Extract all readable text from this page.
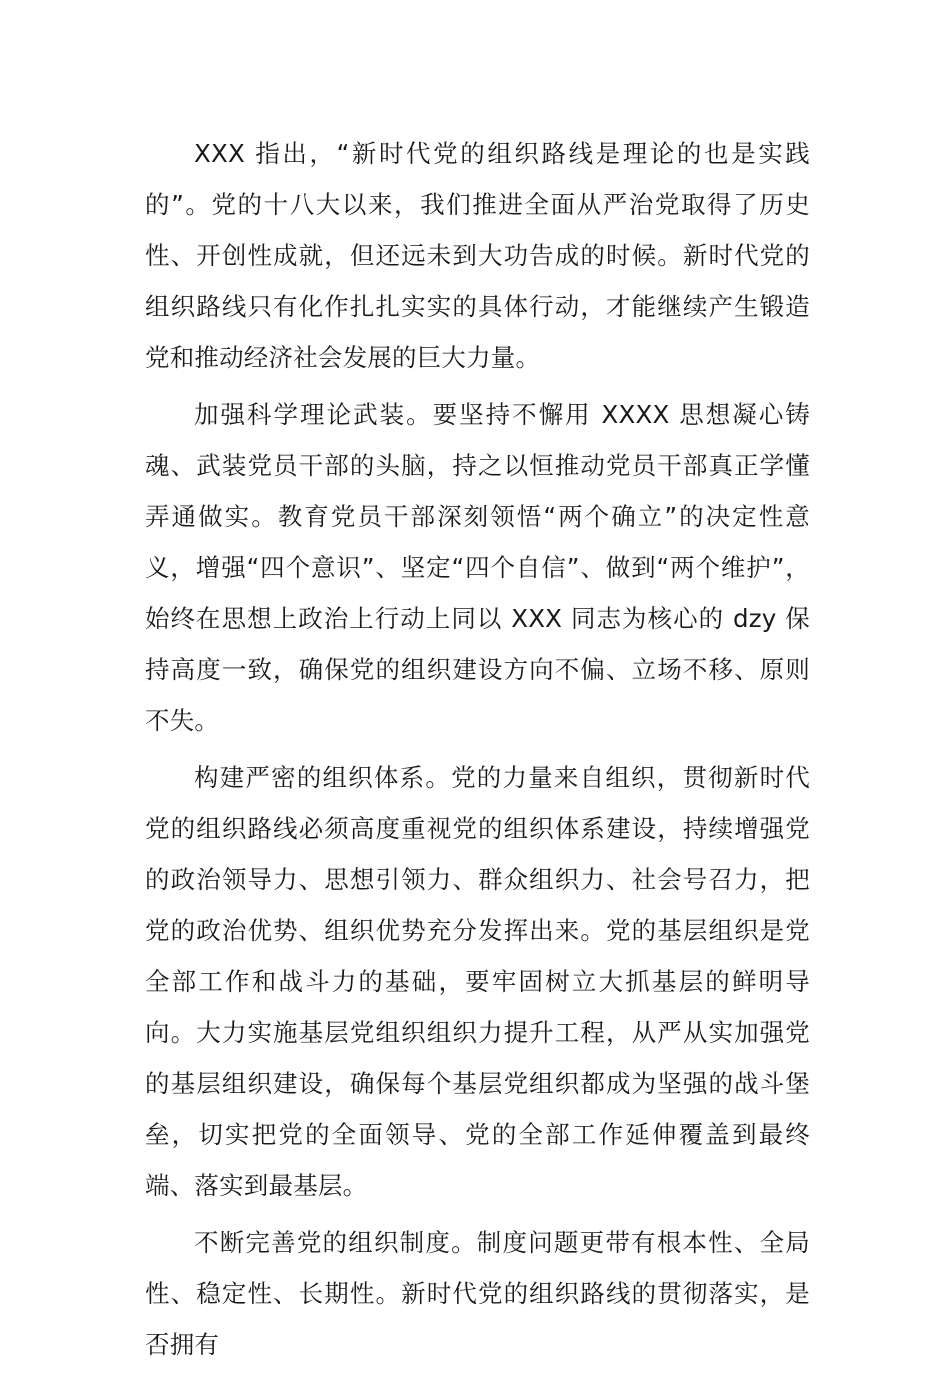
XXX 指出，“新时代党的组织路线是理论的也是实践的”。党的十八大以来，我们推进全面从严治党取得了历史性、开创性成就，但还远未到大功告成的时候。新时代党的组织路线只有化作扎扎实实的具体行动，才能继续产生锻造党和推动经济社会发展的巨大力量。

加强科学理论武装。要坚持不懈用 XXXX 思想凝心铸魂、武装党员干部的头脑，持之以恒推动党员干部真正学懂弄通做实。教育党员干部深刻领悟“两个确立”的决定性意义，增强“四个意识”、坚定“四个自信”、做到“两个维护”，始终在思想上政治上行动上同以 XXX 同志为核心的 dzy 保持高度一致，确保党的组织建设方向不偏、立场不移、原则不失。

构建严密的组织体系。党的力量来自组织，贯彻新时代党的组织路线必须高度重视党的组织体系建设，持续增强党的政治领导力、思想引领力、群众组织力、社会号召力，把党的政治优势、组织优势充分发挥出来。党的基层组织是党全部工作和战斗力的基础，要牢固树立大抓基层的鲜明导向。大力实施基层党组织组织力提升工程，从严从实加强党的基层组织建设，确保每个基层党组织都成为坚强的战斗堡垒，切实把党的全面领导、党的全部工作延伸覆盖到最终端、落实到最基层。

不断完善党的组织制度。制度问题更带有根本性、全局性、稳定性、长期性。新时代党的组织路线的贯彻落实，是否拥有
